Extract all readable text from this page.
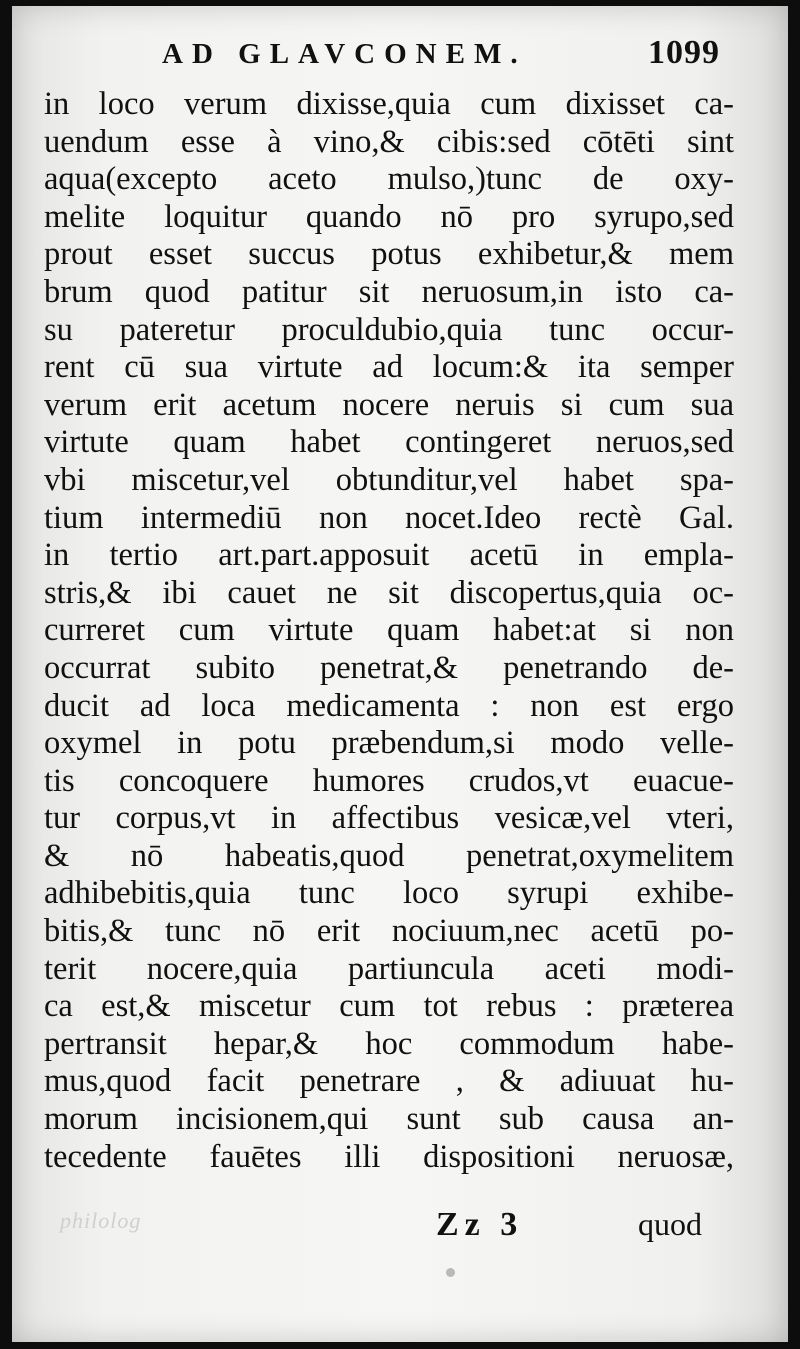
AD GLAVCONEM.	1099
in loco verum dixisse,quia cum dixisset ca-
uendum esse à vino,& cibis:sed cōtēti sint
aqua(excepto aceto mulso,)tunc de oxy-
melite loquitur quando nō pro syrupo,sed
prout esset succus potus exhibetur,& mem
brum quod patitur sit neruosum,in isto ca-
su pateretur proculdubio,quia tunc occur-
rent cū sua virtute ad locum:& ita semper
verum erit acetum nocere neruis si cum sua
virtute quam habet contingeret neruos,sed
vbi miscetur,vel obtunditur,vel habet spa-
tium intermediū non nocet.Ideo rectè Gal.
in tertio art.part.apposuit acetū in empla-
stris,& ibi cauet ne sit discopertus,quia oc-
curreret cum virtute quam habet:at si non
occurrat subito penetrat,& penetrando de-
ducit ad loca medicamenta : non est ergo
oxymel in potu præbendum,si modo velle-
tis concoquere humores crudos,vt euacue-
tur corpus,vt in affectibus vesicæ,vel vteri,
& nō habeatis,quod penetrat,oxymelitem
adhibebitis,quia tunc loco syrupi exhibe-
bitis,& tunc nō erit nociuum,nec acetū po-
terit nocere,quia partiuncula aceti modi-
ca est,& miscetur cum tot rebus : præterea
pertransit hepar,& hoc commodum habe-
mus,quod facit penetrare , & adiuuat hu-
morum incisionem,qui sunt sub causa an-
tecedente fauētes illi dispositioni neruosæ,
philolog	Zz 3	quod
